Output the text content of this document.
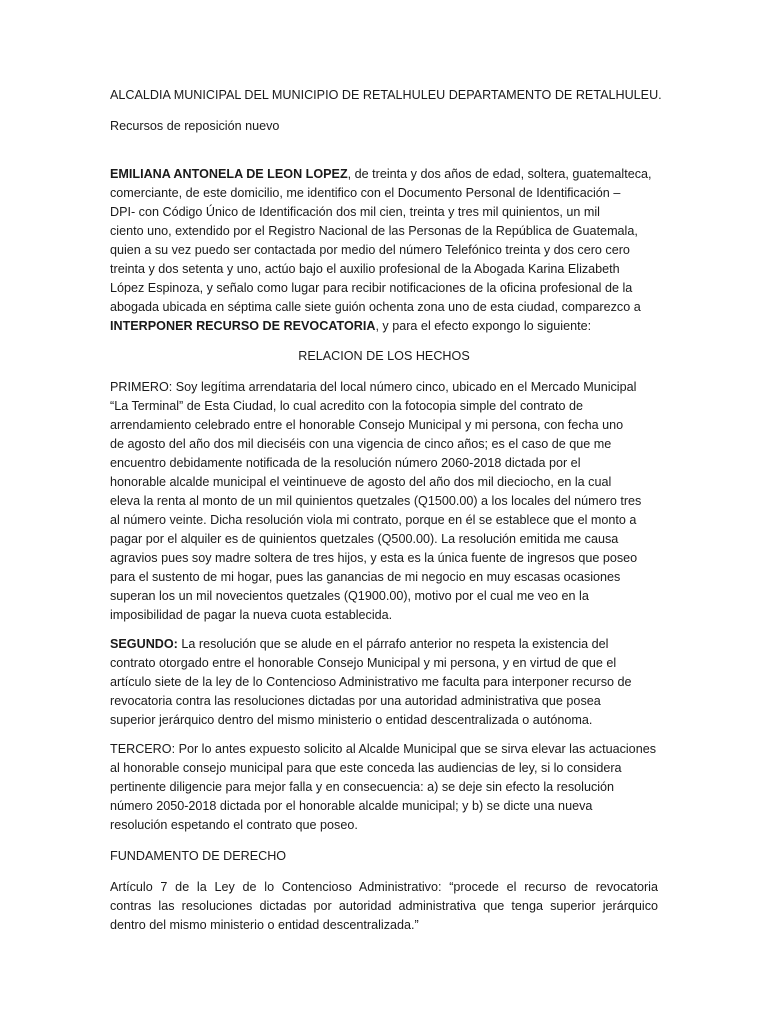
ALCALDIA MUNICIPAL DEL MUNICIPIO DE RETALHULEU DEPARTAMENTO DE RETALHULEU.
Recursos de reposición nuevo
EMILIANA ANTONELA DE LEON LOPEZ, de treinta y dos años de edad, soltera, guatemalteca,
comerciante, de este domicilio, me identifico con el Documento Personal de Identificación –
DPI- con Código Único de Identificación dos mil cien, treinta y tres mil quinientos, un mil
ciento uno, extendido por el Registro Nacional de las Personas de la República de Guatemala,
quien a su vez puedo ser contactada por medio del número Telefónico treinta y dos cero cero
treinta y dos setenta y uno, actúo bajo el auxilio profesional de la Abogada Karina Elizabeth
López Espinoza, y señalo como lugar para recibir notificaciones de la oficina profesional de la
abogada ubicada en séptima calle siete guión ochenta zona uno de esta ciudad, comparezco a
INTERPONER RECURSO DE REVOCATORIA, y para el efecto expongo lo siguiente:
RELACION DE LOS HECHOS
PRIMERO: Soy legítima arrendataria del local número cinco, ubicado en el Mercado Municipal
“La Terminal” de Esta Ciudad, lo cual acredito con la fotocopia simple del contrato de
arrendamiento celebrado entre el honorable Consejo Municipal y mi persona, con fecha uno
de agosto del año dos mil dieciséis con una vigencia de cinco años; es el caso de que me
encuentro debidamente notificada de la resolución número 2060-2018 dictada por el
honorable alcalde municipal el veintinueve de agosto del año dos mil dieciocho, en la cual
eleva la renta al monto de un mil quinientos quetzales (Q1500.00) a los locales del número tres
al número veinte. Dicha resolución viola mi contrato, porque en él se establece que el monto a
pagar por el alquiler es de quinientos quetzales (Q500.00). La resolución emitida me causa
agravios pues soy madre soltera de tres hijos, y esta es la única fuente de ingresos que poseo
para el sustento de mi hogar, pues las ganancias de mi negocio en muy escasas ocasiones
superan los un mil novecientos quetzales (Q1900.00), motivo por el cual me veo en la
imposibilidad de pagar la nueva cuota establecida.
SEGUNDO: La resolución que se alude en el párrafo anterior no respeta la existencia del
contrato otorgado entre el honorable Consejo Municipal y mi persona, y en virtud de que el
artículo siete de la ley de lo Contencioso Administrativo me faculta para interponer recurso de
revocatoria contra las resoluciones dictadas por una autoridad administrativa que posea
superior jerárquico dentro del mismo ministerio o entidad descentralizada o autónoma.
TERCERO: Por lo antes expuesto solicito al Alcalde Municipal que se sirva elevar las actuaciones
al honorable consejo municipal para que este conceda las audiencias de ley, si lo considera
pertinente diligencie para mejor falla y en consecuencia: a) se deje sin efecto la resolución
número 2050-2018 dictada por el honorable alcalde municipal; y b) se dicte una nueva
resolución espetando el contrato que poseo.
FUNDAMENTO DE DERECHO
Artículo 7 de la Ley de lo Contencioso Administrativo: “procede el recurso de revocatoria
contras las resoluciones dictadas por autoridad administrativa que tenga superior jerárquico
dentro del mismo ministerio o entidad descentralizada.”
